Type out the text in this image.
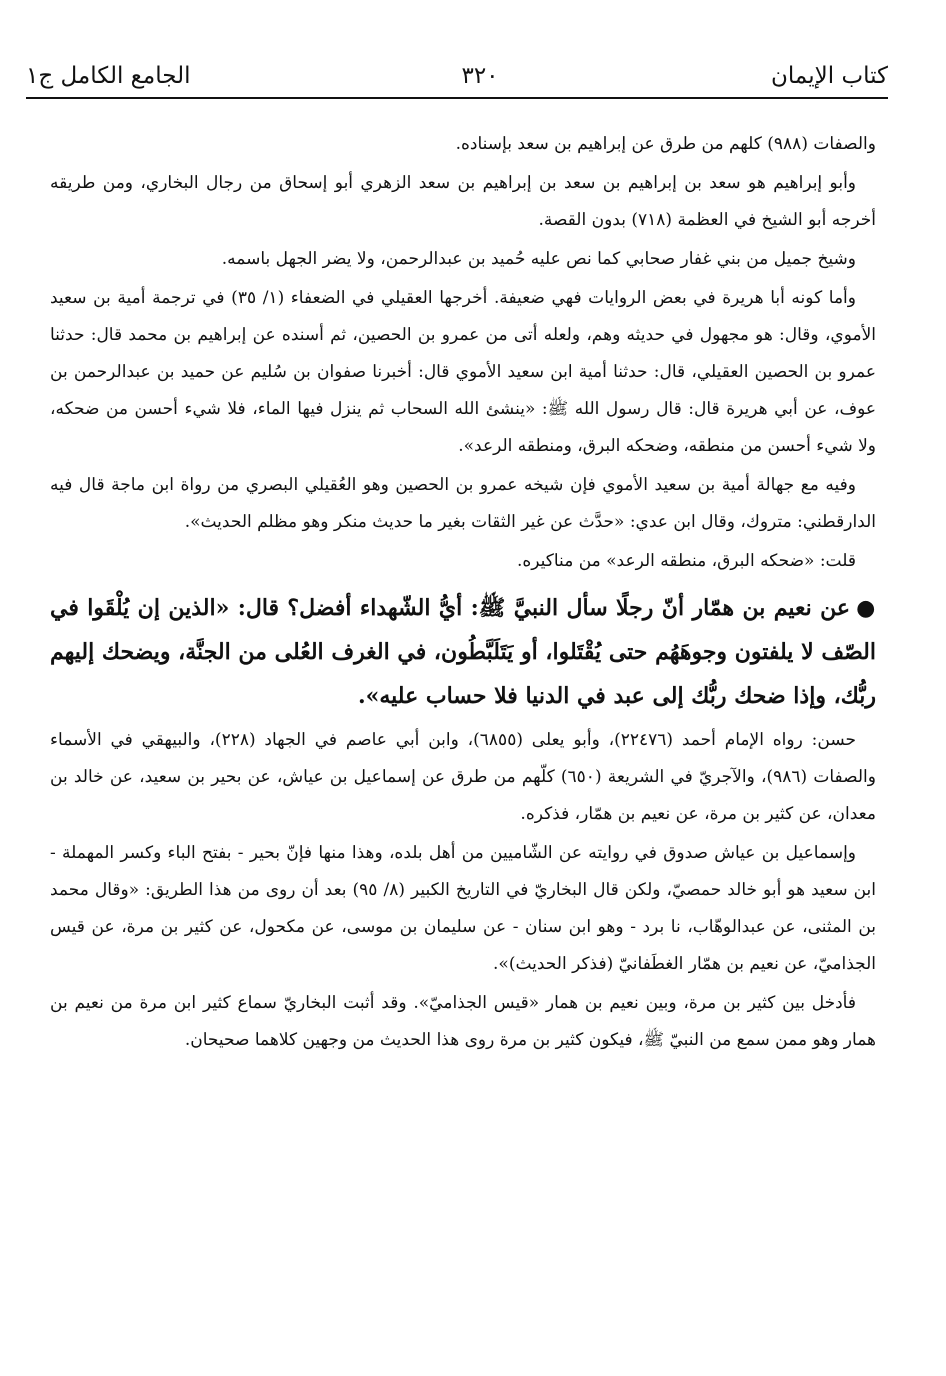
كتاب الإيمان
٣٢٠
الجامع الكامل ج١

والصفات (٩٨٨) كلهم من طرق عن إبراهيم بن سعد بإسناده.

وأبو إبراهيم هو سعد بن إبراهيم بن سعد بن إبراهيم بن سعد الزهري أبو إسحاق من رجال البخاري، ومن طريقه أخرجه أبو الشيخ في العظمة (٧١٨) بدون القصة.

وشيخ جميل من بني غفار صحابي كما نص عليه حُميد بن عبدالرحمن، ولا يضر الجهل باسمه.

وأما كونه أبا هريرة في بعض الروايات فهي ضعيفة. أخرجها العقيلي في الضعفاء (١/ ٣٥) في ترجمة أمية بن سعيد الأموي، وقال: هو مجهول في حديثه وهم، ولعله أتى من عمرو بن الحصين، ثم أسنده عن إبراهيم بن محمد قال: حدثنا عمرو بن الحصين العقيلي، قال: حدثنا أمية ابن سعيد الأموي قال: أخبرنا صفوان بن سُليم عن حميد بن عبدالرحمن بن عوف، عن أبي هريرة قال: قال رسول الله ﷺ: «ينشئ الله السحاب ثم ينزل فيها الماء، فلا شيء أحسن من ضحكه، ولا شيء أحسن من منطقه، وضحكه البرق، ومنطقه الرعد».

وفيه مع جهالة أمية بن سعيد الأموي فإن شيخه عمرو بن الحصين وهو العُقيلي البصري من رواة ابن ماجة قال فيه الدارقطني: متروك، وقال ابن عدي: «حدَّث عن غير الثقات بغير ما حديث منكر وهو مظلم الحديث».

قلت: «ضحكه البرق، منطقه الرعد» من مناكيره.

●عن نعيم بن همّار أنّ رجلًا سأل النبيَّ ﷺ: أيُّ الشّهداء أفضل؟ قال: «الذين إن يُلْقَوا في الصّف لا يلفتون وجوهَهُم حتى يُقْتَلوا، أو يَتَلَبَّطُون، في الغرف العُلى من الجنَّة، ويضحك إليهم ربُّك، وإذا ضحك ربُّك إلى عبد في الدنيا فلا حساب عليه».

حسن: رواه الإمام أحمد (٢٢٤٧٦)، وأبو يعلى (٦٨٥٥)، وابن أبي عاصم في الجهاد (٢٢٨)، والبيهقي في الأسماء والصفات (٩٨٦)، والآجريّ في الشريعة (٦٥٠) كلّهم من طرق عن إسماعيل بن عياش، عن بحير بن سعيد، عن خالد بن معدان، عن كثير بن مرة، عن نعيم بن همّار، فذكره.

وإسماعيل بن عياش صدوق في روايته عن الشّاميين من أهل بلده، وهذا منها فإنّ بحير - بفتح الباء وكسر المهملة - ابن سعيد هو أبو خالد حمصيّ، ولكن قال البخاريّ في التاريخ الكبير (٨/ ٩٥) بعد أن روى من هذا الطريق: «وقال محمد بن المثنى، عن عبدالوهّاب، نا برد - وهو ابن سنان - عن سليمان بن موسى، عن مكحول، عن كثير بن مرة، عن قيس الجذاميّ، عن نعيم بن همّار الغطَفانيّ (فذكر الحديث)».

فأدخل بين كثير بن مرة، وبين نعيم بن همار «قيس الجذاميّ». وقد أثبت البخاريّ سماع كثير ابن مرة من نعيم بن همار وهو ممن سمع من النبيّ ﷺ، فيكون كثير بن مرة روى هذا الحديث من وجهين كلاهما صحيحان.
